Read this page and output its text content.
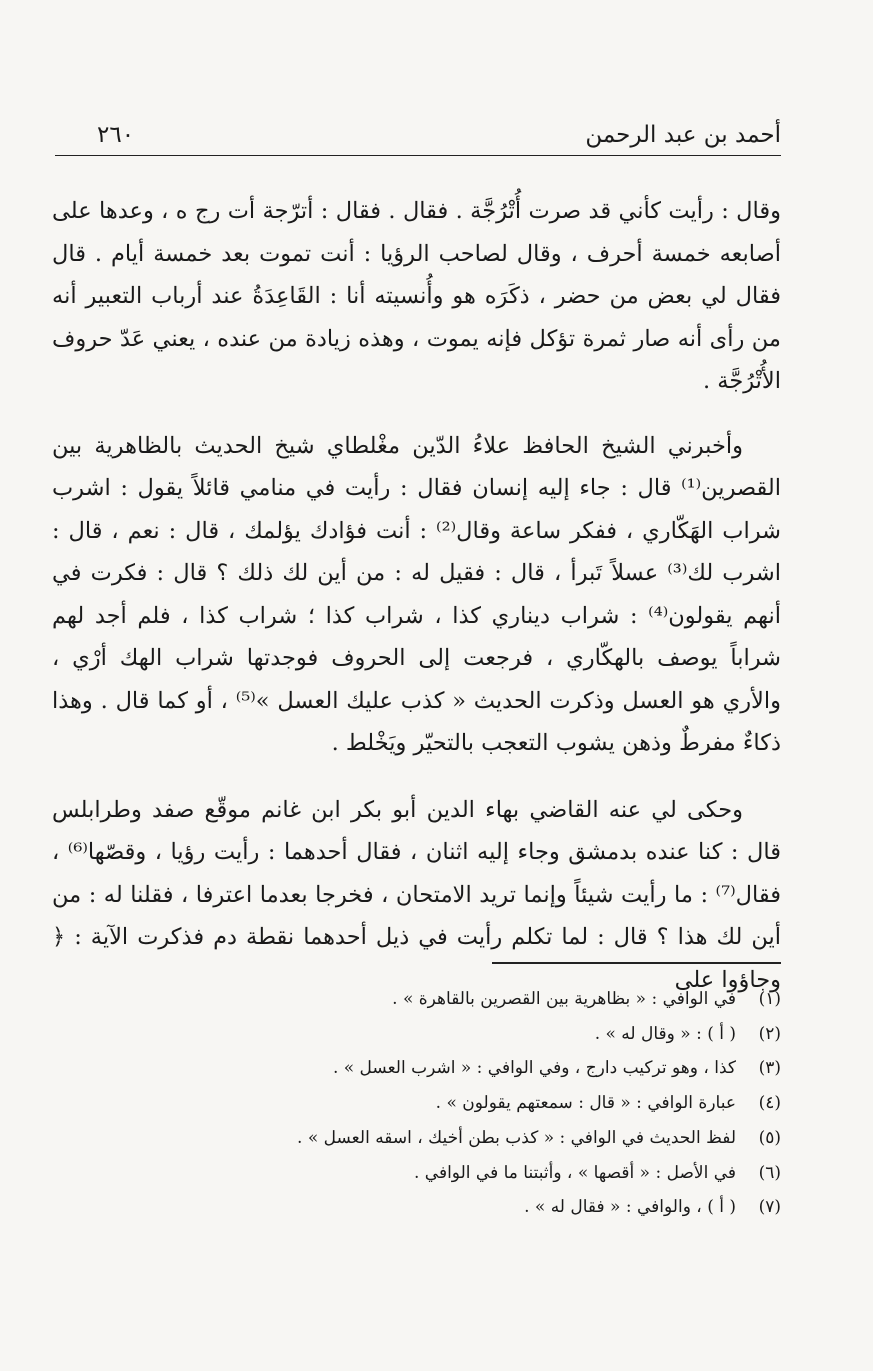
أحمد بن عبد الرحمن
٢٦٠

وقال : رأيت كأني قد صرت أُتْرُجَّة . فقال . فقال : أترّجة أت رج ه ، وعدها على أصابعه خمسة أحرف ، وقال لصاحب الرؤيا : أنت تموت بعد خمسة أيام . قال فقال لي بعض من حضر ، ذكَرَه هو وأُنسيته أنا : القَاعِدَةُ عند أرباب التعبير أنه من رأى أنه صار ثمرة تؤكل فإنه يموت ، وهذه زيادة من عنده ، يعني عَدّ حروف الأُتْرُجَّة .

وأخبرني الشيخ الحافظ علاءُ الدّين مغْلطاي شيخ الحديث بالظاهرية بين القصرين⁽¹⁾ قال : جاء إليه إنسان فقال : رأيت في منامي قائلاً يقول : اشرب شراب الهَكّاري ، ففكر ساعة وقال⁽²⁾ : أنت فؤادك يؤلمك ، قال : نعم ، قال : اشرب لك⁽³⁾ عسلاً تَبرأ ، قال : فقيل له : من أين لك ذلك ؟ قال : فكرت في أنهم يقولون⁽⁴⁾ : شراب ديناري كذا ، شراب كذا ؛ شراب كذا ، فلم أجد لهم شراباً يوصف بالهكّاري ، فرجعت إلى الحروف فوجدتها شراب الهك أرْي ، والأري هو العسل وذكرت الحديث « كذب عليك العسل »⁽⁵⁾ ، أو كما قال . وهذا ذكاءٌ مفرطٌ وذهن يشوب التعجب بالتحيّر ويَخْلط .

وحكى لي عنه القاضي بهاء الدين أبو بكر ابن غانم موقّع صفد وطرابلس قال : كنا عنده بدمشق وجاء إليه اثنان ، فقال أحدهما : رأيت رؤيا ، وقصّها⁽⁶⁾ ، فقال⁽⁷⁾ : ما رأيت شيئاً وإنما تريد الامتحان ، فخرجا بعدما اعترفا ، فقلنا له : من أين لك هذا ؟ قال : لما تكلم رأيت في ذيل أحدهما نقطة دم فذكرت الآية : ﴿ وجاؤوا على

(١)
في الوافي : « بظاهرية بين القصرين بالقاهرة » .
(٢)
( أ ) : « وقال له » .
(٣)
كذا ، وهو تركيب دارج ، وفي الوافي : « اشرب العسل » .
(٤)
عبارة الوافي : « قال : سمعتهم يقولون » .
(٥)
لفظ الحديث في الوافي : « كذب بطن أخيك ، اسقه العسل » .
(٦)
في الأصل : « أقصها » ، وأثبتنا ما في الوافي .
(٧)
( أ ) ، والوافي : « فقال له » .
